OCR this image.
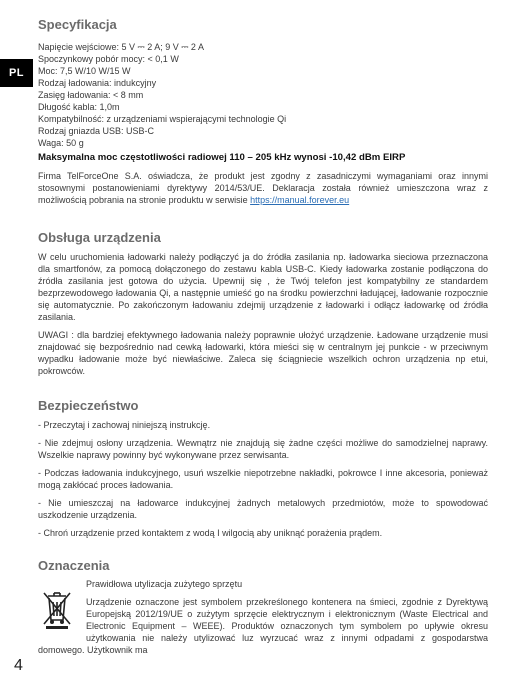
PL
4
Specyfikacja
Napięcie wejściowe: 5 V ⎓ 2 A; 9 V ⎓ 2 A
Spoczynkowy pobór mocy: < 0,1 W
Moc: 7,5 W/10 W/15 W
Rodzaj ładowania: indukcyjny
Zasięg ładowania: < 8 mm
Długość kabla: 1,0m
Kompatybilność: z urządzeniami wspierającymi technologie Qi
Rodzaj gniazda USB: USB-C
Waga: 50 g
Maksymalna moc częstotliwości radiowej 110 – 205 kHz wynosi -10,42 dBm EIRP
Firma TelForceOne S.A. oświadcza, że produkt jest zgodny z zasadniczymi wymaganiami oraz innymi stosownymi postanowieniami dyrektywy 2014/53/UE. Deklaracja została również umieszczona wraz z możliwością pobrania na stronie produktu w serwisie https://manual.forever.eu
Obsługa urządzenia

W celu uruchomienia ładowarki należy podłączyć ja do źródła zasilania np. ładowarka sieciowa przeznaczona dla smartfonów, za pomocą dołączonego do zestawu kabla USB-C. Kiedy ładowarka zostanie podłączona do źródła zasilania jest gotowa do użycia. Upewnij się , że Twój telefon jest kompatybilny ze standardem bezprzewodowego ładowania Qi, a następnie umieść go na środku powierzchni ładującej, ładowanie rozpocznie się automatycznie. Po zakończonym ładowaniu zdejmij urządzenie z ładowarki i odłącz ładowarkę od źródła zasilania.

UWAGI : dla bardziej efektywnego ładowania należy poprawnie ułożyć urządzenie. Ładowane urządzenie musi znajdować się bezpośrednio nad cewką ładowarki, która mieści się w centralnym jej punkcie - w przeciwnym wypadku ładowanie może być niewłaściwe. Zaleca się ściągniecie wszelkich ochron urządzenia np etui, pokrowców.

Bezpieczeństwo

- Przeczytaj i zachowaj niniejszą instrukcję.

- Nie zdejmuj osłony urządzenia. Wewnątrz nie znajdują się żadne części możliwe do samodzielnej naprawy. Wszelkie naprawy powinny być wykonywane przez serwisanta.

- Podczas ładowania indukcyjnego, usuń wszelkie niepotrzebne nakładki, pokrowce I inne akcesoria, ponieważ mogą zakłócać proces ładowania.

- Nie umieszczaj na ładowarce indukcyjnej żadnych metalowych przedmiotów, może to spowodować uszkodzenie urządzenia.

- Chroń urządzenie przed kontaktem z wodą I wilgocią aby uniknąć porażenia prądem.

Oznaczenia
Prawidłowa utylizacja zużytego sprzętu
Urządzenie oznaczone jest symbolem przekreślonego kontenera na śmieci, zgodnie z Dyrektywą Europejską 2012/19/UE o zużytym sprzęcie elektrycznym i elektronicznym (Waste Electrical and Electronic Equipment – WEEE). Produktów oznaczonych tym symbolem po upływie okresu użytkowania nie należy utylizować luz wyrzucać wraz z innymi odpadami z gospodarstwa domowego. Użytkownik ma
